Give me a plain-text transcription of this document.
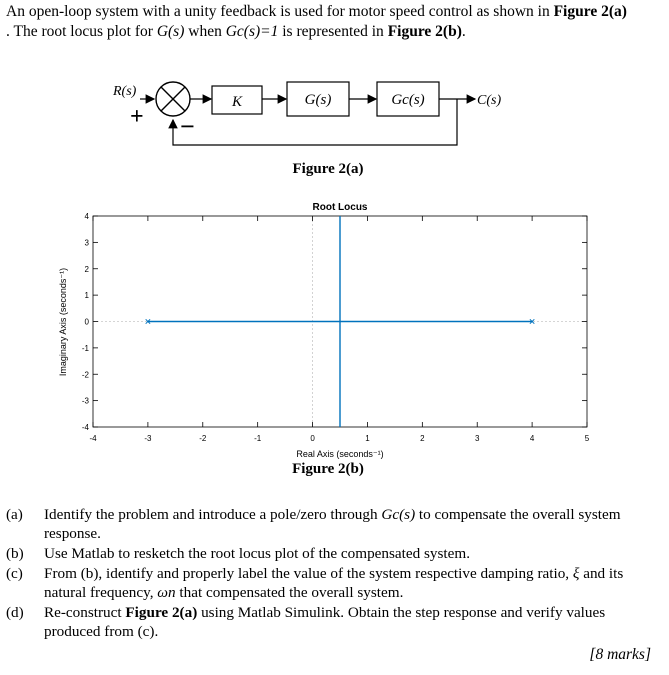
An open-loop system with a unity feedback is used for motor speed control as shown in Figure 2(a)
. The root locus plot for G(s) when Gc(s)=1 is represented in Figure 2(b).
R(s)
+ −
K	G(s)	Gc(s)	C(s)
Figure 2(a)
Root Locus
-4	-3	-2	-1	0	1	2	3	4	5
-4
-3
-2
-1
0
1
2
3
4
Real Axis (seconds⁻¹)
Imaginary Axis (seconds⁻¹)
Figure 2(b)
(a) Identify the problem and introduce a pole/zero through Gc(s) to compensate the overall system response.
(b) Use Matlab to resketch the root locus plot of the compensated system.
(c) From (b), identify and properly label the value of the system respective damping ratio, ξ and its natural frequency, ωn that compensated the overall system.
(d) Re-construct Figure 2(a) using Matlab Simulink. Obtain the step response and verify values produced from (c).
[8 marks]
